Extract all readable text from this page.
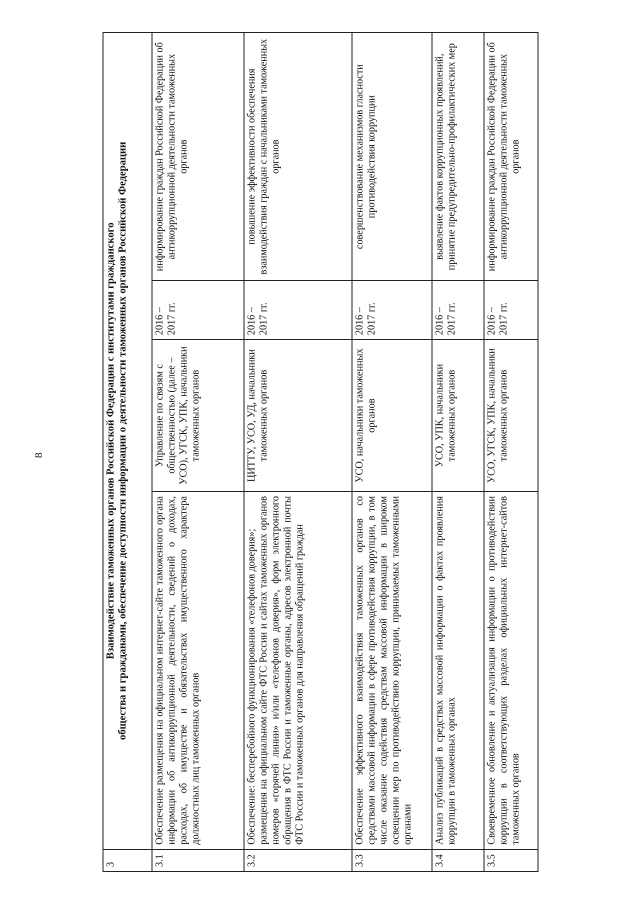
8
3	Взаимодействие таможенных органов Российской Федерации с институтами гражданского общества и гражданами, обеспечение доступности информации о деятельности таможенных органов Российской Федерации			

3.1	Обеспечение размещения на официальном интернет-сайте таможенного органа информации об антикоррупционной деятельности, сведений о доходах, расходах, об имуществе и обязательствах имущественного характера должностных лиц таможенных органов	Управление по связям с общественностью (далее – УСО), УГСК, УПК, начальники таможенных органов	2016 – 2017 гг.	информирование граждан Российской Федерации об антикоррупционной деятельности таможенных органов
3.2	Обеспечение: бесперебойного функционирования «телефонов доверия»; размещения на официальном сайте ФТС России и сайтах таможенных органов номеров «горячей линии» и/или «телефонов доверия», форм электронного обращения в ФТС России и таможенные органы, адресов электронной почты ФТС России и таможенных органов для направления обращений граждан	ЦИТТУ, УСО, УД, начальники таможенных органов	2016 – 2017 гг.	повышение эффективности обеспечения взаимодействия граждан с начальниками таможенных органов
3.3	Обеспечение эффективного взаимодействия таможенных органов со средствами массовой информации в сфере противодействия коррупции, в том числе оказание содействия средствам массовой информации в широком освещении мер по противодействию коррупции, принимаемых таможенными органами	УСО, начальники таможенных органов	2016 – 2017 гг.	совершенствование механизмов гласности противодействия коррупции
3.4	Анализ публикаций в средствах массовой информации о фактах проявления коррупции в таможенных органах	УСО, УПК, начальники таможенных органов	2016 – 2017 гг.	выявление фактов коррупционных проявлений, принятие предупредительно-профилактических мер
3.5	Своевременное обновление и актуализация информации о противодействии коррупции в соответствующих разделах официальных интернет-сайтов таможенных органов	УСО, УГСК, УПК, начальники таможенных органов	2016 – 2017 гг.	информирование граждан Российской Федерации об антикоррупционной деятельности таможенных органов
